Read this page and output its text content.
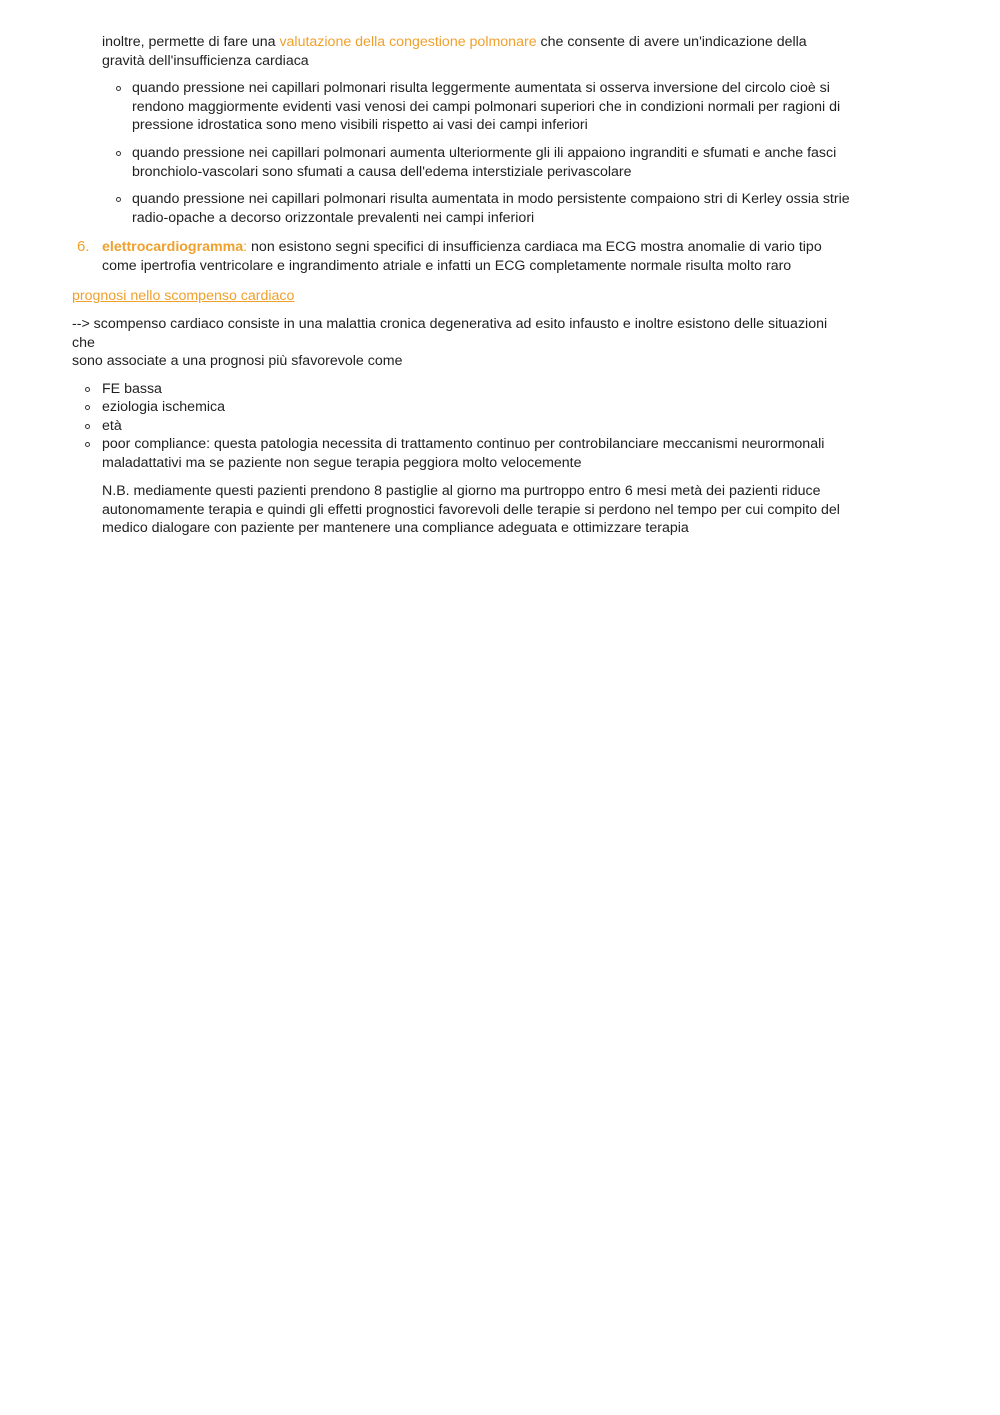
inoltre, permette di fare una valutazione della congestione polmonare che consente di avere un'indicazione della
gravità dell'insufficienza cardiaca
quando pressione nei capillari polmonari risulta leggermente aumentata si osserva inversione del circolo cioè si
rendono maggiormente evidenti vasi venosi dei campi polmonari superiori che in condizioni normali per ragioni di
pressione idrostatica sono meno visibili rispetto ai vasi dei campi inferiori
quando pressione nei capillari polmonari aumenta ulteriormente gli ili appaiono ingranditi e sfumati e anche fasci
bronchiolo-vascolari sono sfumati a causa dell'edema interstiziale perivascolare
quando pressione nei capillari polmonari risulta aumentata in modo persistente compaiono stri di Kerley ossia strie
radio-opache a decorso orizzontale prevalenti nei campi inferiori
6. elettrocardiogramma: non esistono segni specifici di insufficienza cardiaca ma ECG mostra anomalie di vario tipo
come ipertrofia ventricolare e ingrandimento atriale e infatti un ECG completamente normale risulta molto raro
prognosi nello scompenso cardiaco
--> scompenso cardiaco consiste in una malattia cronica degenerativa ad esito infausto e inoltre esistono delle situazioni
che
sono associate a una prognosi più sfavorevole come
FE bassa
eziologia ischemica
età
poor compliance: questa patologia necessita di trattamento continuo per controbilanciare meccanismi neurormonali
maladattativi ma se paziente non segue terapia peggiora molto velocemente
N.B. mediamente questi pazienti prendono 8 pastiglie al giorno ma purtroppo entro 6 mesi metà dei pazienti riduce
autonomamente terapia e quindi gli effetti prognostici favorevoli delle terapie si perdono nel tempo per cui compito del
medico dialogare con paziente per mantenere una compliance adeguata e ottimizzare terapia
